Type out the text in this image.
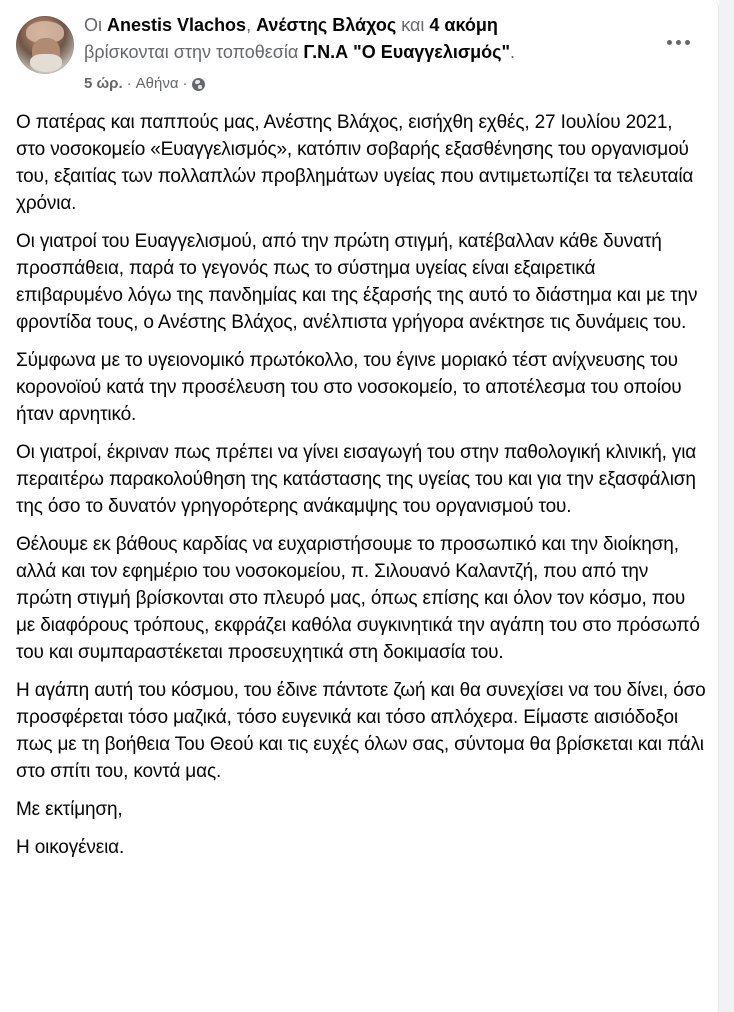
Οι Anestis Vlachos, Ανέστης Βλάχος και 4 ακόμη
βρίσκονται στην τοποθεσία Γ.Ν.Α "Ο Ευαγγελισμός".
5 ώρ. · Αθήνα ·

Ο πατέρας και παππούς μας, Ανέστης Βλάχος, εισήχθη εχθές, 27 Ιουλίου 2021, στο νοσοκομείο «Ευαγγελισμός», κατόπιν σοβαρής εξασθένησης του οργανισμού του, εξαιτίας των πολλαπλών προβλημάτων υγείας που αντιμετωπίζει τα τελευταία χρόνια.

Οι γιατροί του Ευαγγελισμού, από την πρώτη στιγμή, κατέβαλλαν κάθε δυνατή προσπάθεια, παρά το γεγονός πως το σύστημα υγείας είναι εξαιρετικά επιβαρυμένο λόγω της πανδημίας και της έξαρσής της αυτό το διάστημα και με την φροντίδα τους, ο Ανέστης Βλάχος, ανέλπιστα γρήγορα ανέκτησε τις δυνάμεις του.

Σύμφωνα με το υγειονομικό πρωτόκολλο, του έγινε μοριακό τέστ ανίχνευσης του κορονοϊού κατά την προσέλευση του στο νοσοκομείο, το αποτέλεσμα του οποίου ήταν αρνητικό.

Οι γιατροί, έκριναν πως πρέπει να γίνει εισαγωγή του στην παθολογική κλινική, για περαιτέρω παρακολούθηση της κατάστασης της υγείας του και για την εξασφάλιση της όσο το δυνατόν γρηγορότερης ανάκαμψης του οργανισμού του.

Θέλουμε εκ βάθους καρδίας να ευχαριστήσουμε το προσωπικό και την διοίκηση, αλλά και τον εφημέριο του νοσοκομείου, π. Σιλουανό Καλαντζή, που από την πρώτη στιγμή βρίσκονται στο πλευρό μας, όπως επίσης και όλον τον κόσμο, που με διαφόρους τρόπους, εκφράζει καθόλα συγκινητικά την αγάπη του στο πρόσωπό του και συμπαραστέκεται προσευχητικά στη δοκιμασία του.

Η αγάπη αυτή του κόσμου, του έδινε πάντοτε ζωή και θα συνεχίσει να του δίνει, όσο προσφέρεται τόσο μαζικά, τόσο ευγενικά και τόσο απλόχερα. Είμαστε αισιόδοξοι πως με τη βοήθεια Του Θεού και τις ευχές όλων σας, σύντομα θα βρίσκεται και πάλι στο σπίτι του, κοντά μας.

Με εκτίμηση,

Η οικογένεια.
